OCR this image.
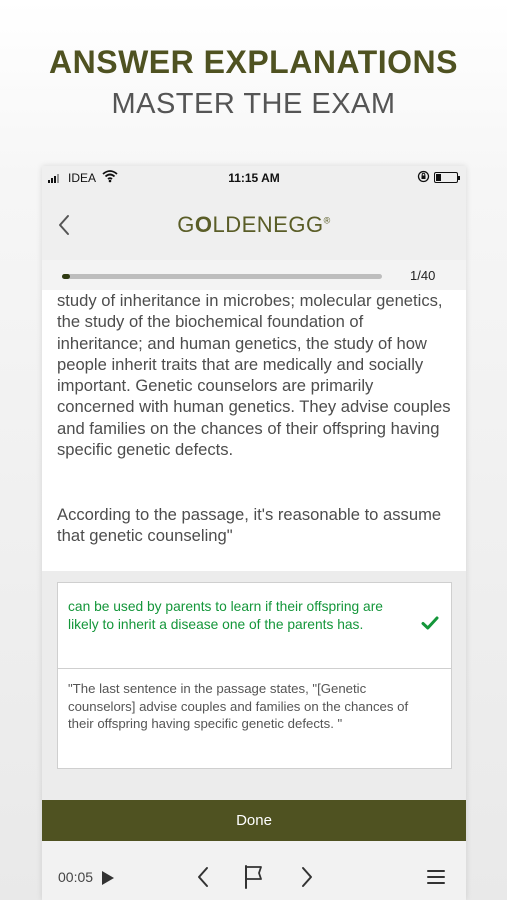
ANSWER EXPLANATIONS
MASTER THE EXAM
IDEA	11:15 AM
GOLDENEGG®
1/40
study of inheritance in microbes; molecular genetics, the study of the biochemical foundation of inheritance; and human genetics, the study of how people inherit traits that are medically and socially important. Genetic counselors are primarily concerned with human genetics. They advise couples and families on the chances of their offspring having specific genetic defects.
According to the passage, it's reasonable to assume that genetic counseling"
can be used by parents to learn if their offspring are likely to inherit a disease one of the parents has.
"The last sentence in the passage states, "[Genetic counselors] advise couples and families on the chances of their offspring having specific genetic defects. "
Done
00:05
